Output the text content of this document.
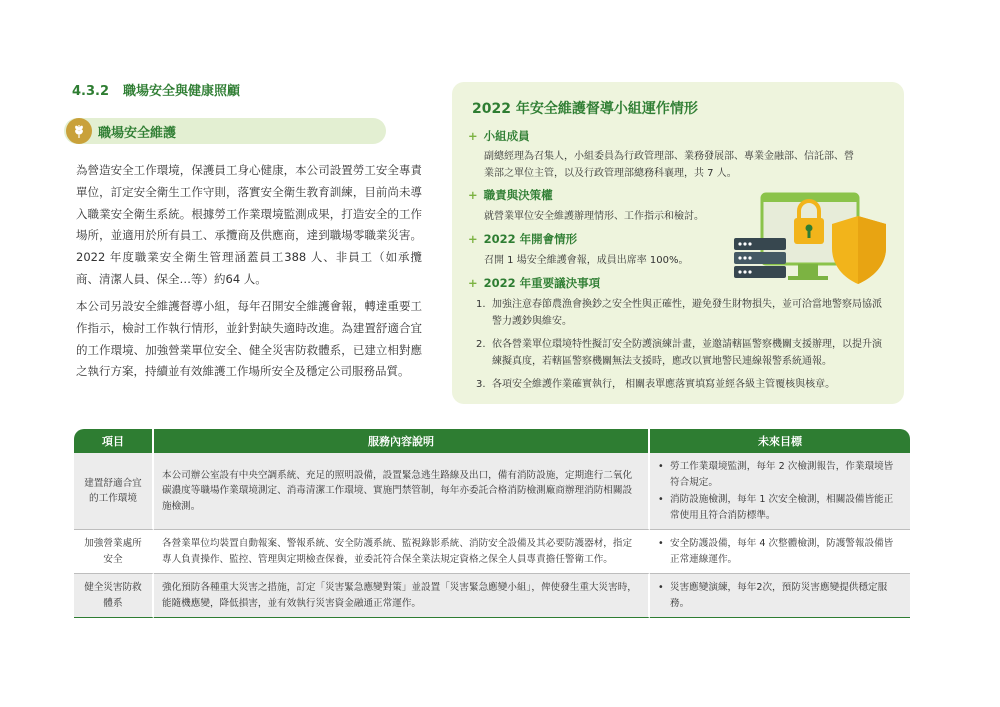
4.3.2 職場安全與健康照顧
職場安全維護

為營造安全工作環境，保護員工身心健康，本公司設置勞工安全專責單位，訂定安全衛生工作守則，落實安全衛生教育訓練，目前尚未導入職業安全衛生系統。根據勞工作業環境監測成果，打造安全的工作場所，並適用於所有員工、承攬商及供應商，達到職場零職業災害。2022 年度職業安全衛生管理涵蓋員工388 人、非員工（如承攬商、清潔人員、保全…等）約64 人。

本公司另設安全維護督導小組，每年召開安全維護會報，轉達重要工作指示，檢討工作執行情形，並針對缺失適時改進。為建置舒適合宜的工作環境、加強營業單位安全、健全災害防救體系，已建立相對應之執行方案，持續並有效維護工作場所安全及穩定公司服務品質。

2022 年安全維護督導小組運作情形
+ 小組成員

副總經理為召集人，小組委員為行政管理部、業務發展部、專業金融部、信託部、營
業部之單位主管，以及行政管理部總務科襄理，共 7 人。

+ 職責與決策權

就營業單位安全維護辦理情形、工作指示和檢討。

+ 2022 年開會情形

召開 1 場安全維護會報，成員出席率 100%。

+ 2022 年重要議決事項
1. 加強注意春節農漁會換鈔之安全性與正確性，避免發生財物損失，並可洽當地警察局協派警力護鈔與維安。
2. 依各營業單位環境特性擬訂安全防護演練計畫，並邀請轄區警察機關支援辦理，以提升演練擬真度，若轄區警察機關無法支援時，應改以實地警民連線報警系統通報。
3. 各項安全維護作業確實執行， 相關表單應落實填寫並經各級主管覆核與核章。
項目	服務內容說明	未來目標
建置舒適合宜的工作環境	本公司辦公室設有中央空調系統、充足的照明設備，設置緊急逃生路線及出口，備有消防設施，定期進行二氧化碳濃度等職場作業環境測定、消毒清潔工作環境、實施門禁管制，每年亦委託合格消防檢測廠商辦理消防相關設施檢測。	• 勞工作業環境監測，每年 2 次檢測報告，作業環境皆符合規定。
• 消防設施檢測，每年 1 次安全檢測，相關設備皆能正常使用且符合消防標準。

加強營業處所安全	各營業單位均裝置自動報案、警報系統、安全防護系統、監視錄影系統、消防安全設備及其必要防護器材，指定專人負責操作、監控、管理與定期檢查保養，並委託符合保全業法規定資格之保全人員專責擔任警衛工作。	• 安全防護設備，每年 4 次整體檢測，防護警報設備皆正常連線運作。

健全災害防救體系	強化預防各種重大災害之措施，訂定「災害緊急應變對策」並設置「災害緊急應變小組」，俾使發生重大災害時，能隨機應變，降低損害，並有效執行災害資金融通正常運作。	• 災害應變演練，每年2次，預防災害應變提供穩定服務。
